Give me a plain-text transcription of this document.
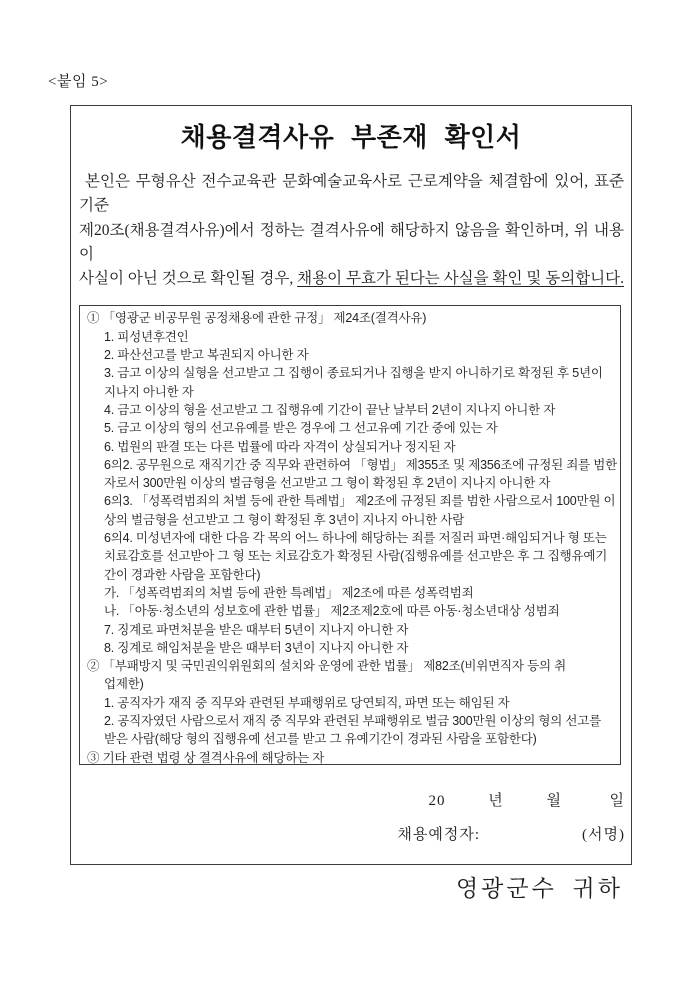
<붙임 5>
채용결격사유 부존재 확인서
본인은 무형유산 전수교육관 문화예술교육사로 근로계약을 체결함에 있어, 표준기준
제20조(채용결격사유)에서 정하는 결격사유에 해당하지 않음을 확인하며, 위 내용이
사실이 아닌 것으로 확인될 경우, 채용이 무효가 된다는 사실을 확인 및 동의합니다.
① 「영광군 비공무원 공정채용에 관한 규정」 제24조(결격사유)
1. 피성년후견인
2. 파산선고를 받고 복권되지 아니한 자
3. 금고 이상의 실형을 선고받고 그 집행이 종료되거나 집행을 받지 아니하기로 확정된 후 5년이
지나지 아니한 자
4. 금고 이상의 형을 선고받고 그 집행유예 기간이 끝난 날부터 2년이 지나지 아니한 자
5. 금고 이상의 형의 선고유예를 받은 경우에 그 선고유예 기간 중에 있는 자
6. 법원의 판결 또는 다른 법률에 따라 자격이 상실되거나 정지된 자
6의2. 공무원으로 재직기간 중 직무와 관련하여 「형법」 제355조 및 제356조에 규정된 죄를 범한
자로서 300만원 이상의 벌금형을 선고받고 그 형이 확정된 후 2년이 지나지 아니한 자
6의3. 「성폭력범죄의 처벌 등에 관한 특례법」 제2조에 규정된 죄를 범한 사람으로서 100만원 이
상의 벌금형을 선고받고 그 형이 확정된 후 3년이 지나지 아니한 사람
6의4. 미성년자에 대한 다음 각 목의 어느 하나에 해당하는 죄를 저질러 파면·해임되거나 형 또는
치료감호를 선고받아 그 형 또는 치료감호가 확정된 사람(집행유예를 선고받은 후 그 집행유예기
간이 경과한 사람을 포함한다)
가. 「성폭력범죄의 처벌 등에 관한 특례법」 제2조에 따른 성폭력범죄
나. 「아동·청소년의 성보호에 관한 법률」 제2조제2호에 따른 아동·청소년대상 성범죄
7. 징계로 파면처분을 받은 때부터 5년이 지나지 아니한 자
8. 징계로 해임처분을 받은 때부터 3년이 지나지 아니한 자
② 「부패방지 및 국민권익위원회의 설치와 운영에 관한 법률」 제82조(비위면직자 등의 취
업제한)
1. 공직자가 재직 중 직무와 관련된 부패행위로 당연퇴직, 파면 또는 해임된 자
2. 공직자였던 사람으로서 재직 중 직무와 관련된 부패행위로 벌금 300만원 이상의 형의 선고를
받은 사람(해당 형의 집행유예 선고를 받고 그 유예기간이 경과된 사람을 포함한다)
③ 기타 관련 법령 상 결격사유에 해당하는 자
20         년         월          일
채용예정자:	(서명)
영광군수 귀하
